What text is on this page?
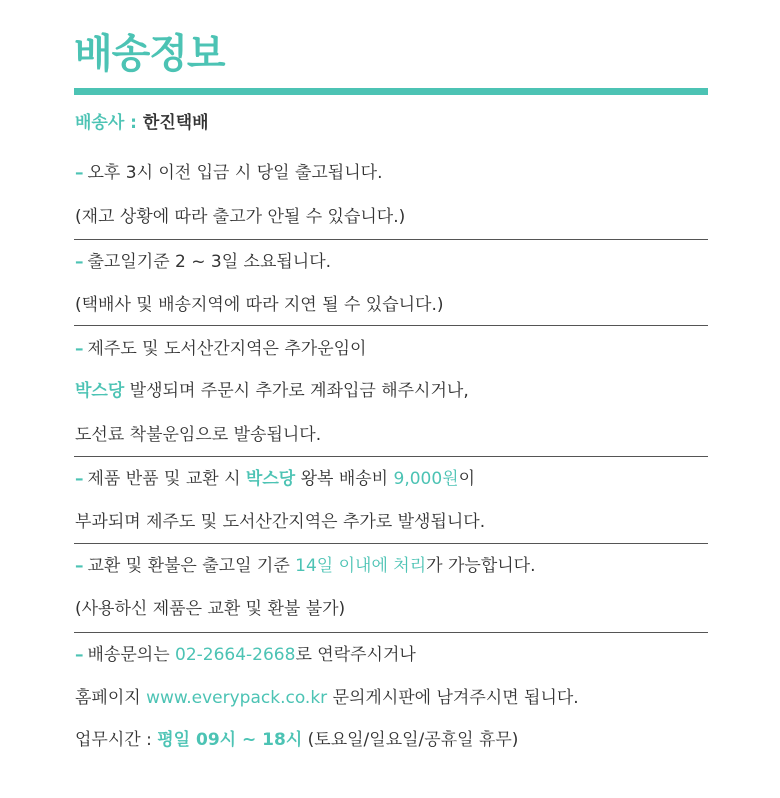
배송정보
배송사 : 한진택배
– 오후 3시 이전 입금 시 당일 출고됩니다.
(재고 상황에 따라 출고가 안될 수 있습니다.)
– 출고일기준 2 ~ 3일 소요됩니다.
(택배사 및 배송지역에 따라 지연 될 수 있습니다.)
– 제주도 및 도서산간지역은 추가운임이
박스당 발생되며 주문시 추가로 계좌입금 해주시거나,
도선료 착불운임으로 발송됩니다.
– 제품 반품 및 교환 시 박스당 왕복 배송비 9,000원이
부과되며 제주도 및 도서산간지역은 추가로 발생됩니다.
– 교환 및 환불은 출고일 기준 14일 이내에 처리가 가능합니다.
(사용하신 제품은 교환 및 환불 불가)
– 배송문의는 02-2664-2668로 연락주시거나
홈페이지 www.everypack.co.kr 문의게시판에 남겨주시면 됩니다.
업무시간 : 평일 09시 ~ 18시 (토요일/일요일/공휴일 휴무)
